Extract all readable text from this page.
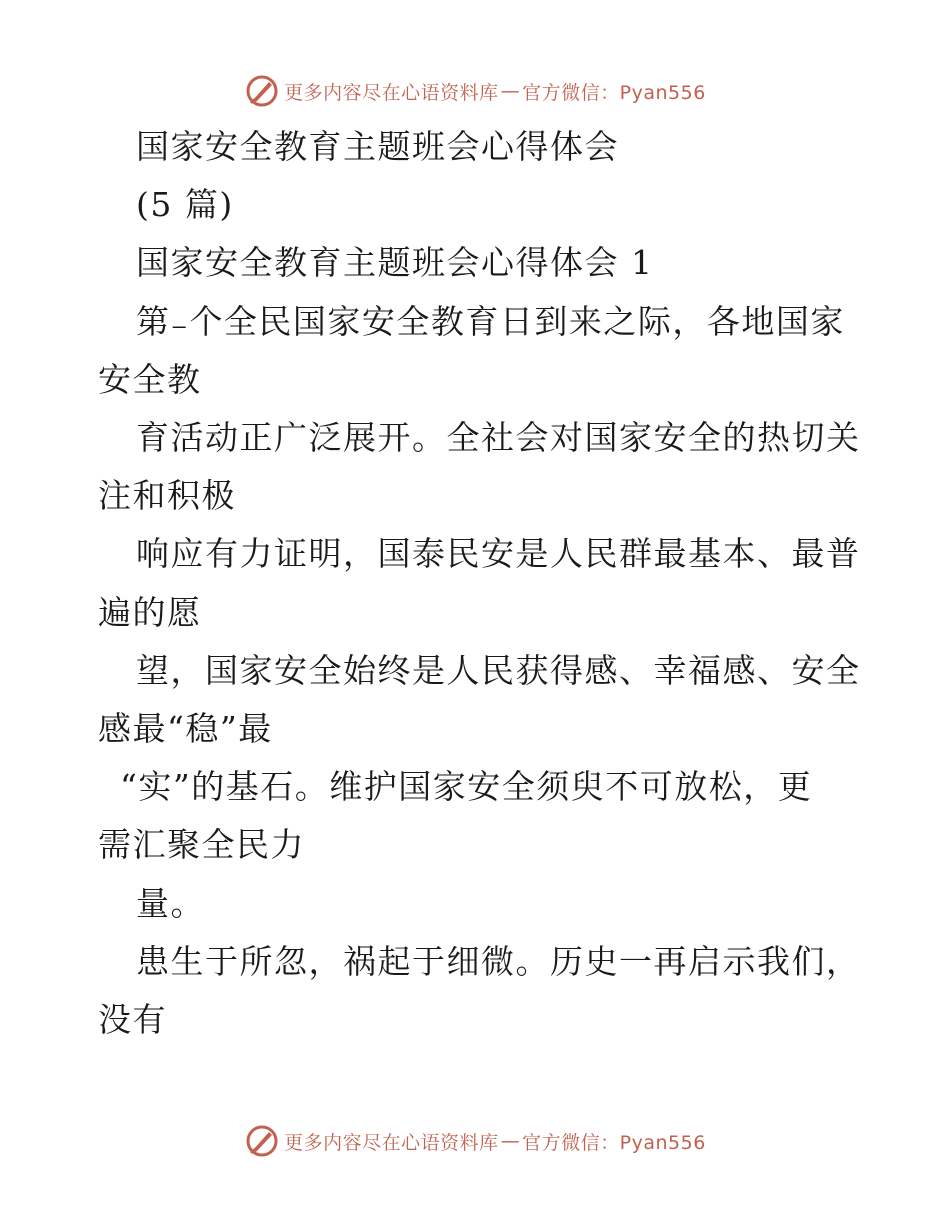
更多内容尽在心语资料库 — 官方微信：Pyan556
国家安全教育主题班会心得体会
(5 篇)
国家安全教育主题班会心得体会 1
第₋个全民国家安全教育日到来之际，各地国家
安全教
育活动正广泛展开。全社会对国家安全的热切关
注和积极
响应有力证明，国泰民安是人民群最基本、最普
遍的愿
望，国家安全始终是人民获得感、幸福感、安全
感最“稳”最
“实”的基石。维护国家安全须臾不可放松，更
需汇聚全民力
量。
患生于所忽，祸起于细微。历史一再启示我们，
没有
更多内容尽在心语资料库 — 官方微信：Pyan556
